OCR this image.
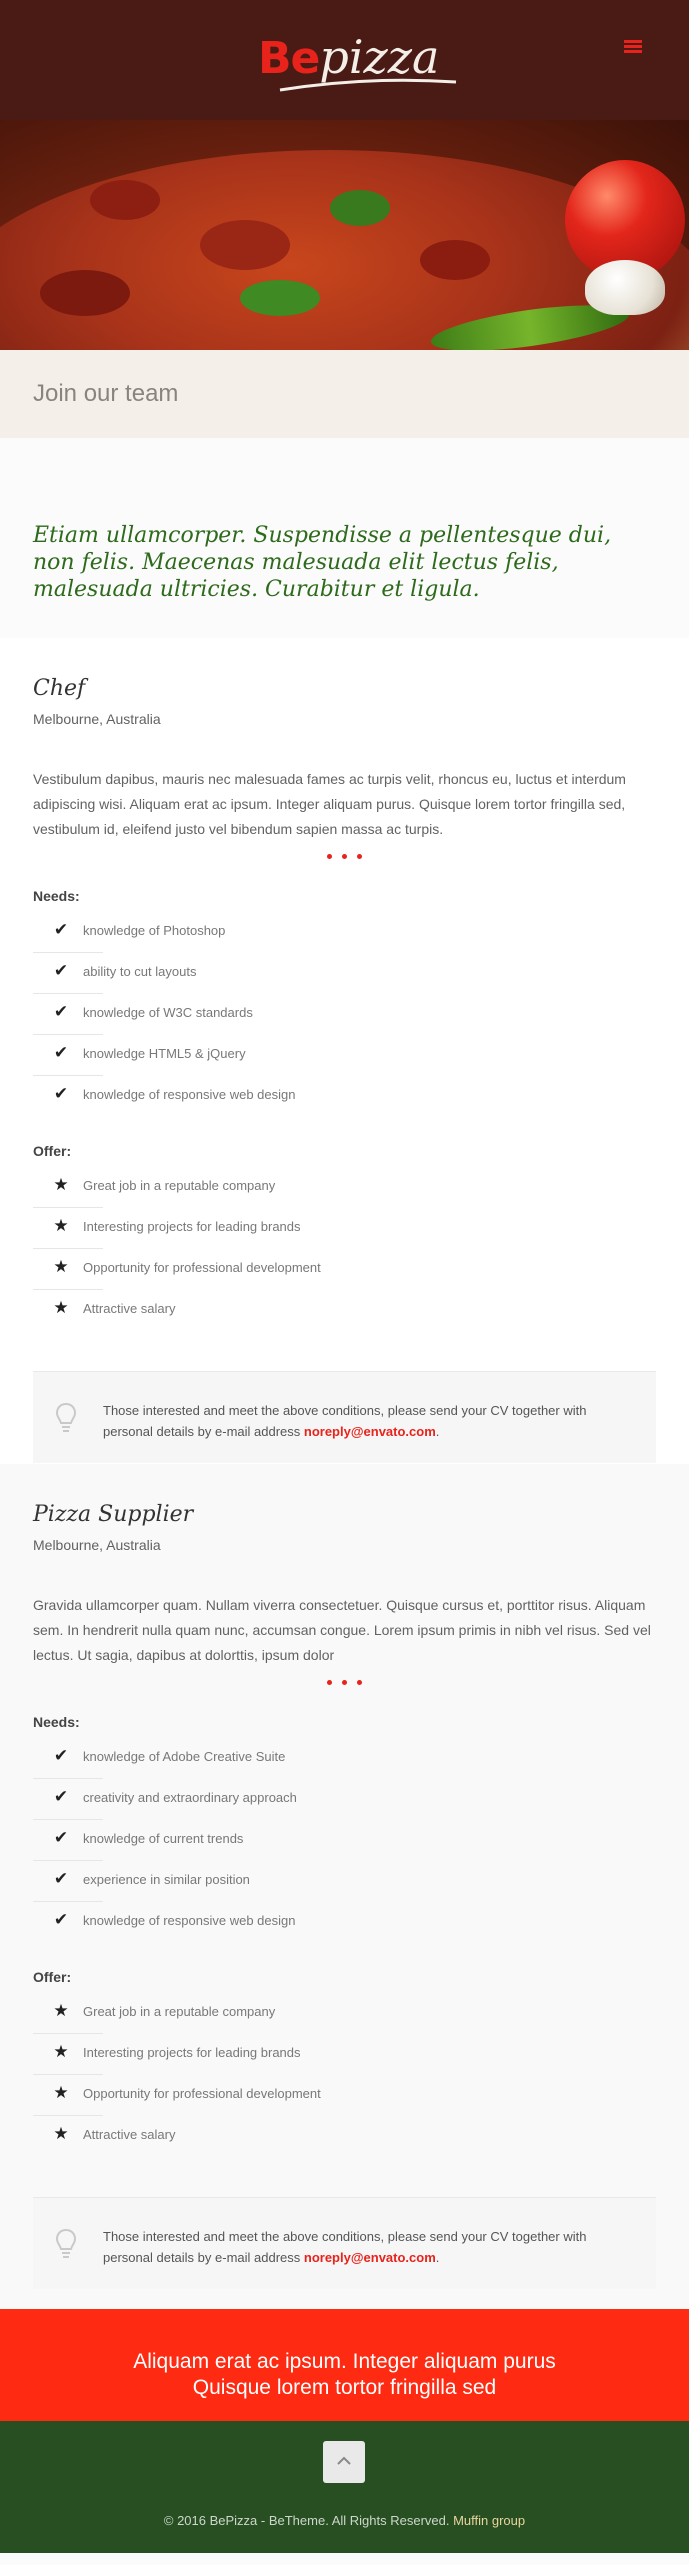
Bepizza
Join our team

Etiam ullamcorper. Suspendisse a pellentesque dui, non felis. Maecenas malesuada elit lectus felis, malesuada ultricies. Curabitur et ligula.

Chef
Melbourne, Australia
Vestibulum dapibus, mauris nec malesuada fames ac turpis velit, rhoncus eu, luctus et interdum adipiscing wisi. Aliquam erat ac ipsum. Integer aliquam purus. Quisque lorem tortor fringilla sed, vestibulum id, eleifend justo vel bibendum sapien massa ac turpis.
Needs:
✔ knowledge of Photoshop
✔ ability to cut layouts
✔ knowledge of W3C standards
✔ knowledge HTML5 & jQuery
✔ knowledge of responsive web design
Offer:
★ Great job in a reputable company
★ Interesting projects for leading brands
★ Opportunity for professional development
★ Attractive salary
Those interested and meet the above conditions, please send your CV together with personal details by e-mail address noreply@envato.com.
Pizza Supplier
Melbourne, Australia
Gravida ullamcorper quam. Nullam viverra consectetuer. Quisque cursus et, porttitor risus. Aliquam sem. In hendrerit nulla quam nunc, accumsan congue. Lorem ipsum primis in nibh vel risus. Sed vel lectus. Ut sagia, dapibus at dolorttis, ipsum dolor
Needs:
✔ knowledge of Adobe Creative Suite
✔ creativity and extraordinary approach
✔ knowledge of current trends
✔ experience in similar position
✔ knowledge of responsive web design
Offer:
★ Great job in a reputable company
★ Interesting projects for leading brands
★ Opportunity for professional development
★ Attractive salary
Those interested and meet the above conditions, please send your CV together with personal details by e-mail address noreply@envato.com.
Aliquam erat ac ipsum. Integer aliquam purus
Quisque lorem tortor fringilla sed
© 2016 BePizza - BeTheme. All Rights Reserved. Muffin group
